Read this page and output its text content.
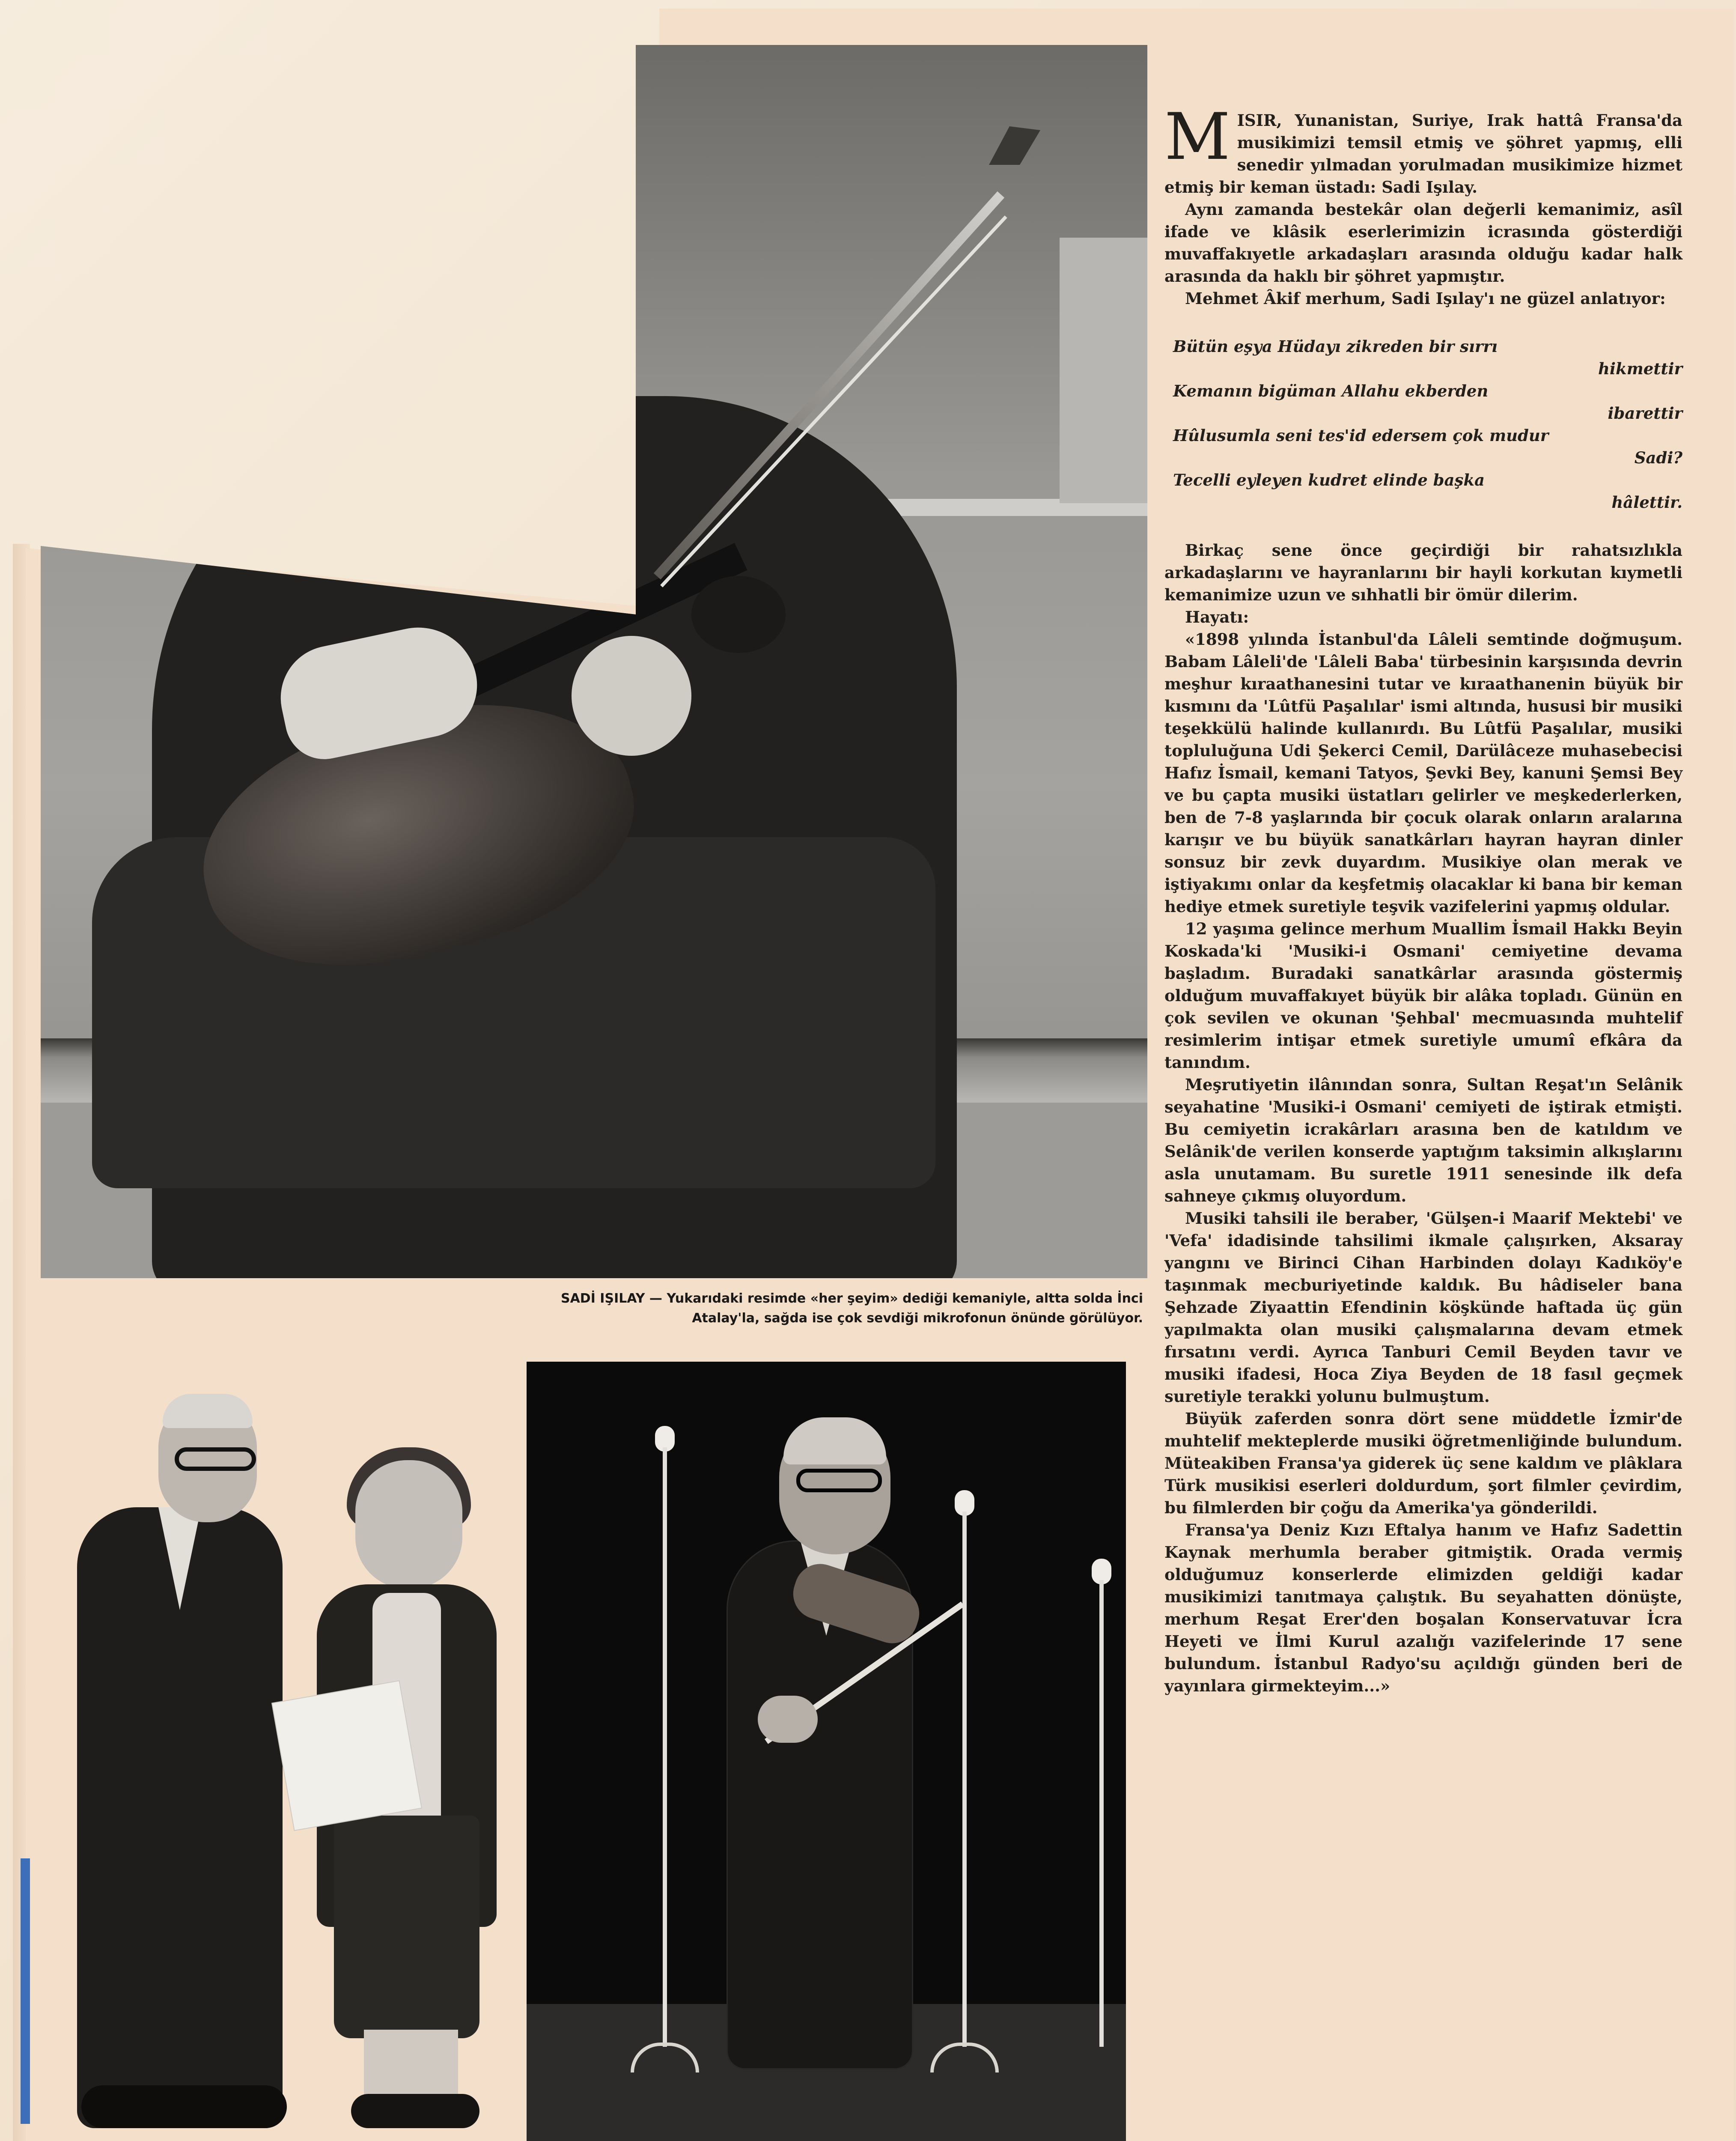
SADİ IŞILAY — Yukarıdaki resimde «her şeyim» dediği kemaniyle, altta solda İnci Atalay'la, sağda ise çok sevdiği mikrofonun önünde görülüyor.

MISIR, Yunanistan, Suriye, Irak hattâ Fransa'da musikimizi temsil etmiş ve şöhret yapmış, elli senedir yılmadan yorulmadan musikimize hizmet etmiş bir keman üstadı: Sadi Işılay.

Aynı zamanda bestekâr olan değerli kemanimiz, asîl ifade ve klâsik eserlerimizin icrasında gösterdiği muvaffakıyetle arkadaşları arasında olduğu kadar halk arasında da haklı bir şöhret yapmıştır.

Mehmet Âkif merhum, Sadi Işılay'ı ne güzel anlatıyor:

Bütün eşya Hüdayı zikreden bir sırrı
hikmettir
Kemanın bigüman Allahu ekberden
ibarettir
Hûlusumla seni tes'id edersem çok mudur
Sadi?
Tecelli eyleyen kudret elinde başka
hâlettir.

Birkaç sene önce geçirdiği bir rahatsızlıkla arkadaşlarını ve hayranlarını bir hayli korkutan kıymetli kemanimize uzun ve sıhhatli bir ömür dilerim.

Hayatı:

«1898 yılında İstanbul'da Lâleli semtinde doğmuşum. Babam Lâleli'de 'Lâleli Baba' türbesinin karşısında devrin meşhur kıraathanesini tutar ve kıraathanenin büyük bir kısmını da 'Lûtfü Paşalılar' ismi altında, hususi bir musiki teşekkülü halinde kullanırdı. Bu Lûtfü Paşalılar, musiki topluluğuna Udi Şekerci Cemil, Darülâceze muhasebecisi Hafız İsmail, kemani Tatyos, Şevki Bey, kanuni Şemsi Bey ve bu çapta musiki üstatları gelirler ve meşkederlerken, ben de 7-8 yaşlarında bir çocuk olarak onların aralarına karışır ve bu büyük sanatkârları hayran hayran dinler sonsuz bir zevk duyardım. Musikiye olan merak ve iştiyakımı onlar da keşfetmiş olacaklar ki bana bir keman hediye etmek suretiyle teşvik vazifelerini yapmış oldular.

12 yaşıma gelince merhum Muallim İsmail Hakkı Beyin Koskada'ki 'Musiki-i Osmani' cemiyetine devama başladım. Buradaki sanatkârlar arasında göstermiş olduğum muvaffakıyet büyük bir alâka topladı. Günün en çok sevilen ve okunan 'Şehbal' mecmuasında muhtelif resimlerim intişar etmek suretiyle umumî efkâra da tanındım.

Meşrutiyetin ilânından sonra, Sultan Reşat'ın Selânik seyahatine 'Musiki-i Osmani' cemiyeti de iştirak etmişti. Bu cemiyetin icrakârları arasına ben de katıldım ve Selânik'de verilen konserde yaptığım taksimin alkışlarını asla unutamam. Bu suretle 1911 senesinde ilk defa sahneye çıkmış oluyordum.

Musiki tahsili ile beraber, 'Gülşen-i Maarif Mektebi' ve 'Vefa' idadisinde tahsilimi ikmale çalışırken, Aksaray yangını ve Birinci Cihan Harbinden dolayı Kadıköy'e taşınmak mecburiyetinde kaldık. Bu hâdiseler bana Şehzade Ziyaattin Efendinin köşkünde haftada üç gün yapılmakta olan musiki çalışmalarına devam etmek fırsatını verdi. Ayrıca Tanburi Cemil Beyden tavır ve musiki ifadesi, Hoca Ziya Beyden de 18 fasıl geçmek suretiyle terakki yolunu bulmuştum.

Büyük zaferden sonra dört sene müddetle İzmir'de muhtelif mekteplerde musiki öğretmenliğinde bulundum. Müteakiben Fransa'ya giderek üç sene kaldım ve plâklara Türk musikisi eserleri doldurdum, şort filmler çevirdim, bu filmlerden bir çoğu da Amerika'ya gönderildi.

Fransa'ya Deniz Kızı Eftalya hanım ve Hafız Sadettin Kaynak merhumla beraber gitmiştik. Orada vermiş olduğumuz konserlerde elimizden geldiği kadar musikimizi tanıtmaya çalıştık. Bu seyahatten dönüşte, merhum Reşat Erer'den boşalan Konservatuvar İcra Heyeti ve İlmi Kurul azalığı vazifelerinde 17 sene bulundum. İstanbul Radyo'su açıldığı günden beri de yayınlara girmekteyim...»
